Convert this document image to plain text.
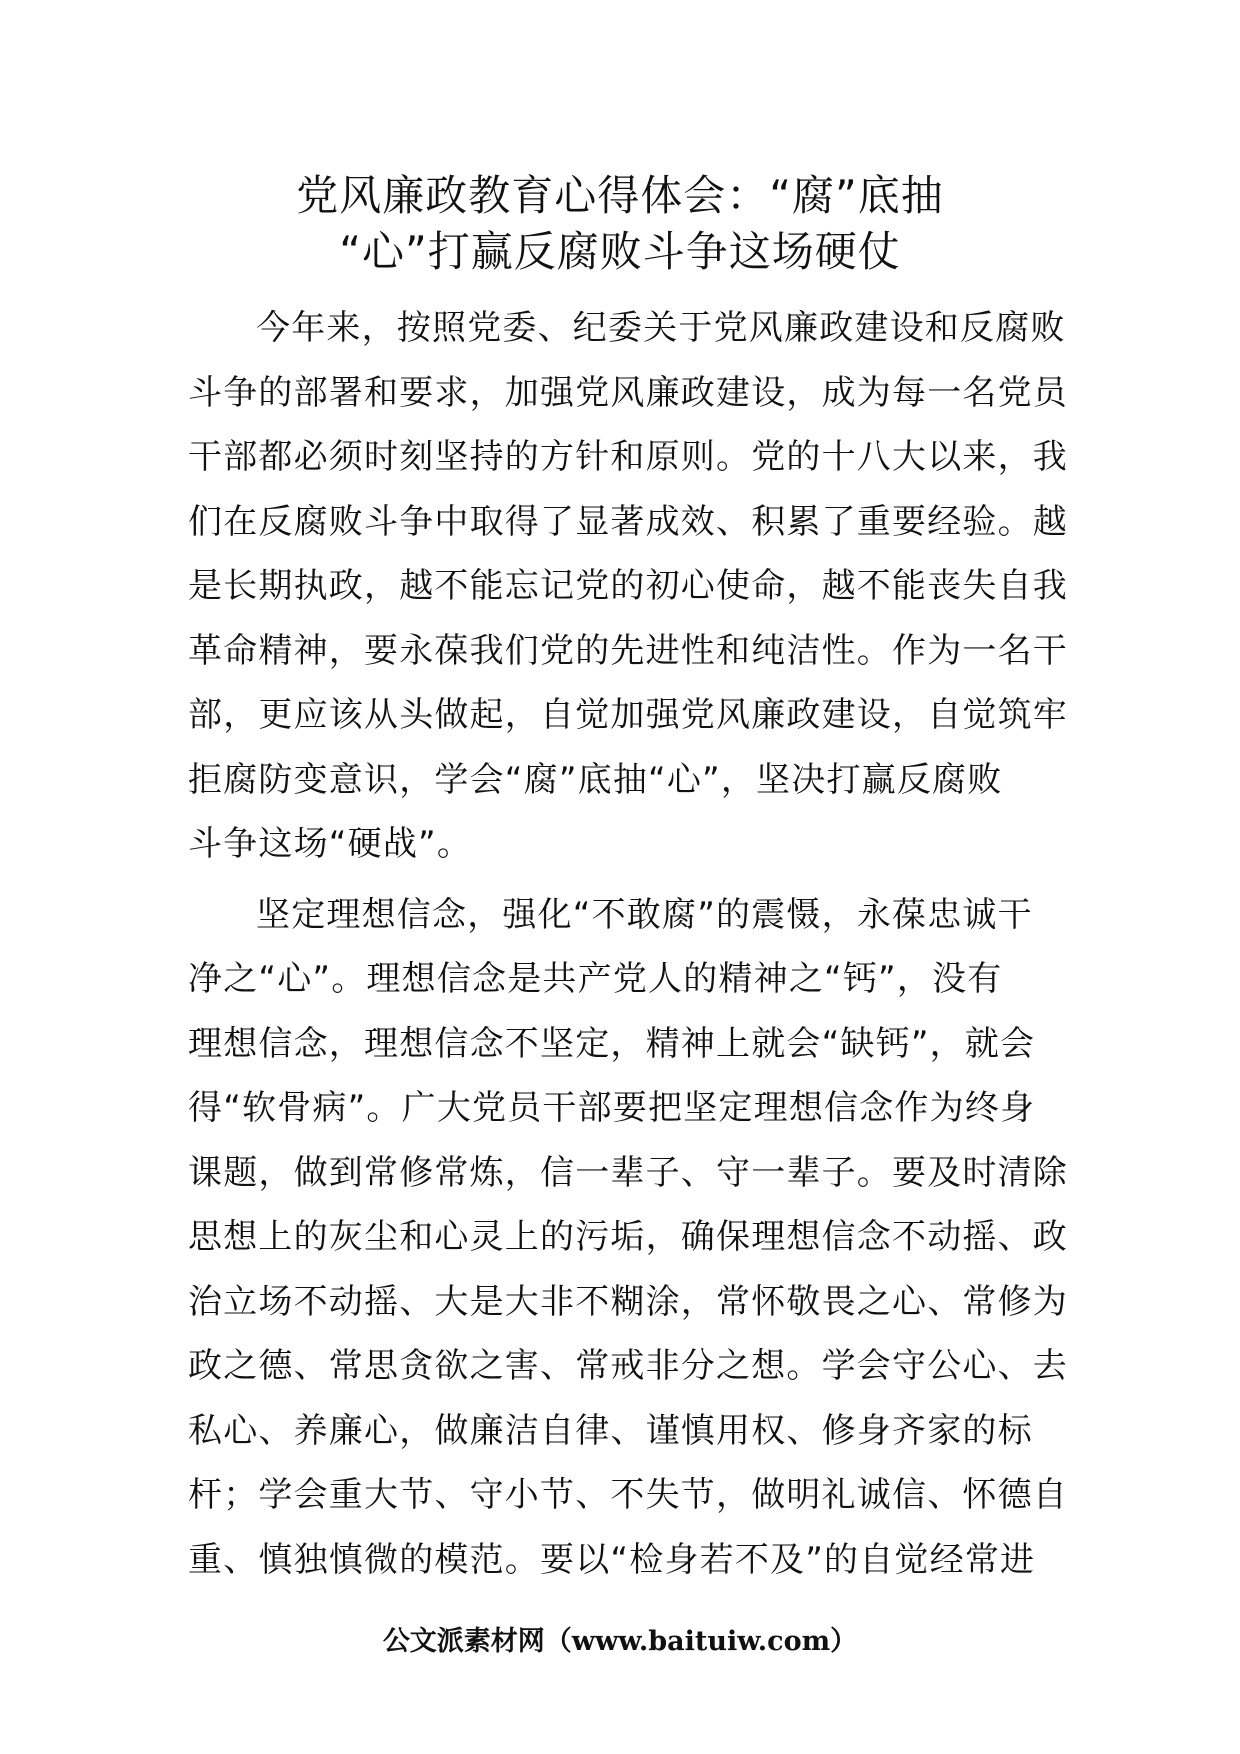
党风廉政教育心得体会：“腐”底抽
“心”打赢反腐败斗争这场硬仗
今年来，按照党委、纪委关于党风廉政建设和反腐败
斗争的部署和要求，加强党风廉政建设，成为每一名党员
干部都必须时刻坚持的方针和原则。党的十八大以来，我
们在反腐败斗争中取得了显著成效、积累了重要经验。越
是长期执政，越不能忘记党的初心使命，越不能丧失自我
革命精神，要永葆我们党的先进性和纯洁性。作为一名干
部，更应该从头做起，自觉加强党风廉政建设，自觉筑牢
拒腐防变意识，学会“腐”底抽“心”，坚决打赢反腐败
斗争这场“硬战”。
坚定理想信念，强化“不敢腐”的震慑，永葆忠诚干
净之“心”。理想信念是共产党人的精神之“钙”，没有
理想信念，理想信念不坚定，精神上就会“缺钙”，就会
得“软骨病”。广大党员干部要把坚定理想信念作为终身
课题，做到常修常炼，信一辈子、守一辈子。要及时清除
思想上的灰尘和心灵上的污垢，确保理想信念不动摇、政
治立场不动摇、大是大非不糊涂，常怀敬畏之心、常修为
政之德、常思贪欲之害、常戒非分之想。学会守公心、去
私心、养廉心，做廉洁自律、谨慎用权、修身齐家的标
杆；学会重大节、守小节、不失节，做明礼诚信、怀德自
重、慎独慎微的模范。要以“检身若不及”的自觉经常进
公文派素材网（www.baituiw.com）
